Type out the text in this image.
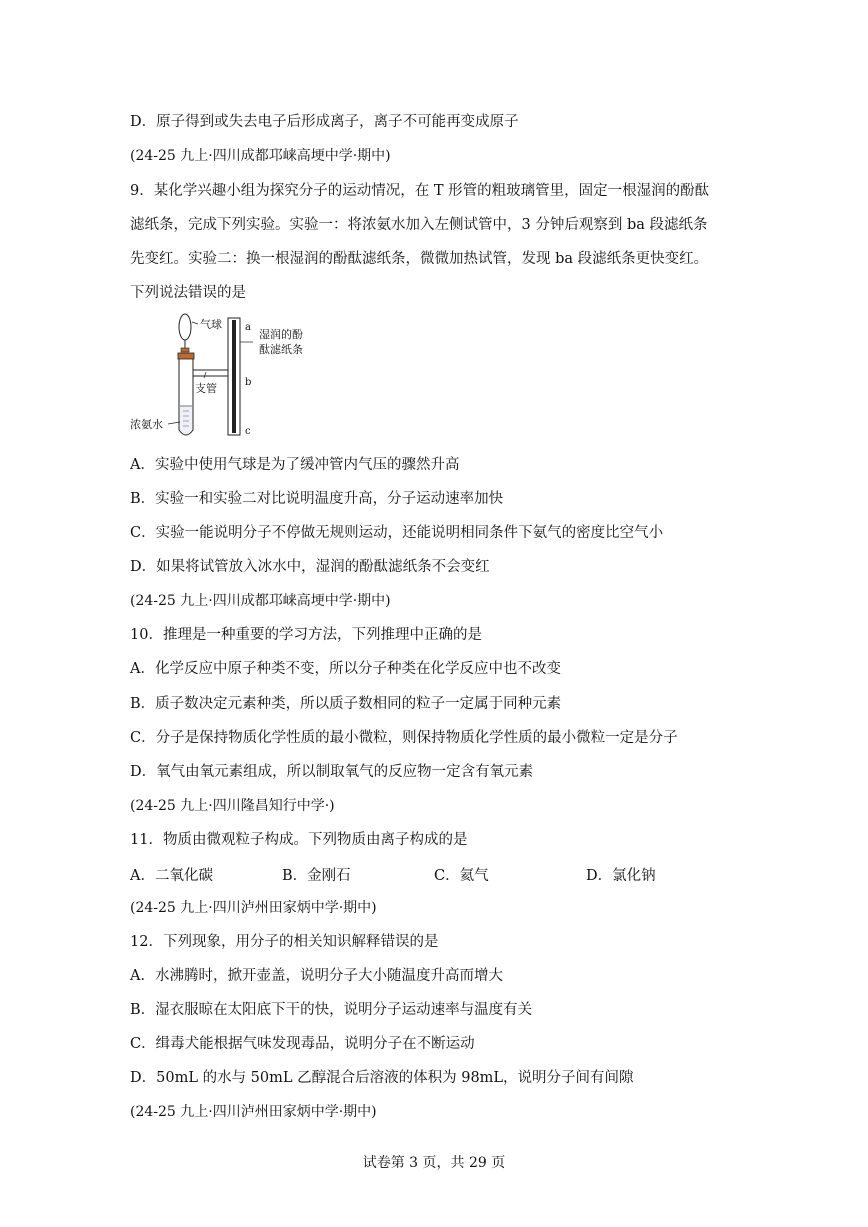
D．原子得到或失去电子后形成离子，离子不可能再变成原子
(24-25 九上·四川成都邛崃高埂中学·期中)
9．某化学兴趣小组为探究分子的运动情况，在 T 形管的粗玻璃管里，固定一根湿润的酚酞
滤纸条，完成下列实验。实验一：将浓氨水加入左侧试管中，3 分钟后观察到 ba 段滤纸条
先变红。实验二：换一根湿润的酚酞滤纸条，微微加热试管，发现 ba 段滤纸条更快变红。
下列说法错误的是
气球
湿润的酚
酞滤纸条
支管
浓氨水
a
b
c
A．实验中使用气球是为了缓冲管内气压的骤然升高
B．实验一和实验二对比说明温度升高，分子运动速率加快
C．实验一能说明分子不停做无规则运动，还能说明相同条件下氨气的密度比空气小
D．如果将试管放入冰水中，湿润的酚酞滤纸条不会变红
(24-25 九上·四川成都邛崃高埂中学·期中)
10．推理是一种重要的学习方法，下列推理中正确的是
A．化学反应中原子种类不变，所以分子种类在化学反应中也不改变
B．质子数决定元素种类，所以质子数相同的粒子一定属于同种元素
C．分子是保持物质化学性质的最小微粒，则保持物质化学性质的最小微粒一定是分子
D．氧气由氧元素组成，所以制取氧气的反应物一定含有氧元素
(24-25 九上·四川隆昌知行中学·)
11．物质由微观粒子构成。下列物质由离子构成的是
A．二氧化碳	B．金刚石	C．氦气	D．氯化钠
(24-25 九上·四川泸州田家炳中学·期中)
12．下列现象，用分子的相关知识解释错误的是
A．水沸腾时，掀开壶盖，说明分子大小随温度升高而增大
B．湿衣服晾在太阳底下干的快，说明分子运动速率与温度有关
C．缉毒犬能根据气味发现毒品，说明分子在不断运动
D．50mL 的水与 50mL 乙醇混合后溶液的体积为 98mL，说明分子间有间隙
(24-25 九上·四川泸州田家炳中学·期中)
试卷第 3 页，共 29 页
